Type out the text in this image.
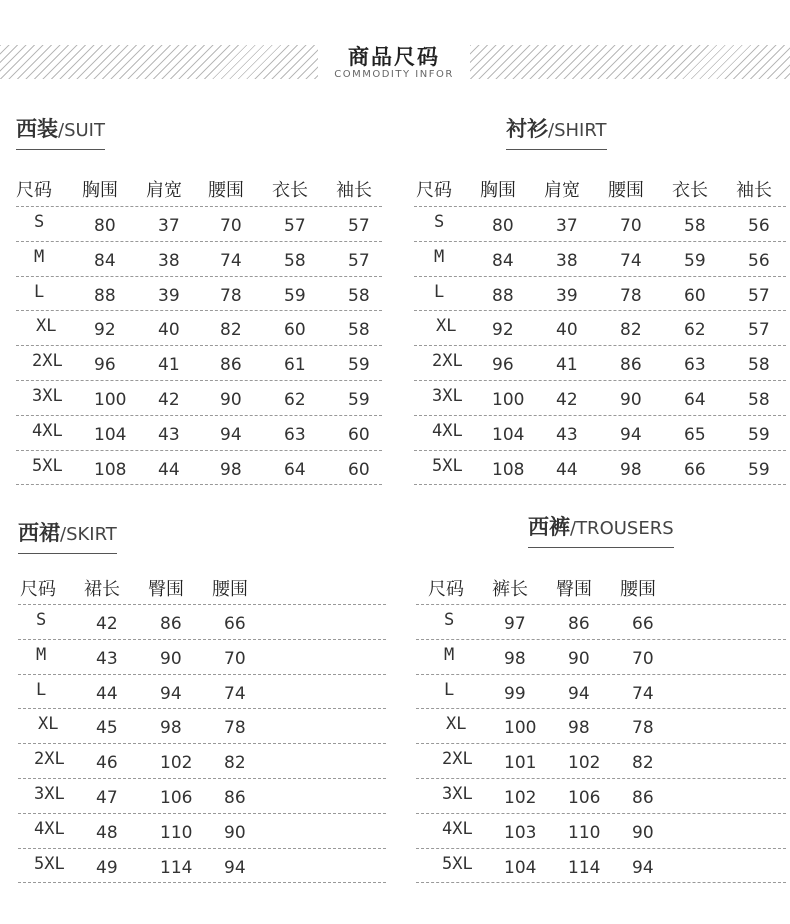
商品尺码
COMMODITY INFOR
西装/SUIT
尺码 胸围 肩宽 腰围 衣长 袖长
S	80 37 70 57 57
M	84 38 74 58 57
L	88 39 78 59 58
XL 92 40 82 60 58
2XL 96 41 86 61 59
3XL 100 42 90 62 59
4XL 104 43 94 63 60
5XL 108 44 98 64 60
衬衫/SHIRT
尺码 胸围 肩宽 腰围 衣长 袖长
S	80 37 70 58 56
M	84 38 74 59 56
L	88 39 78 60 57
XL 92 40 82 62 57
2XL 96 41 86 63 58
3XL 100 42 90 64 58
4XL 104 43 94 65 59
5XL 108 44 98 66 59
西裙/SKIRT
尺码 裙长 臀围 腰围
S	42 86 66
M	43 90 70
L	44 94 74
XL 45 98 78
2XL 46 102 82
3XL 47 106 86
4XL 48 110 90
5XL 49 114 94
西裤/TROUSERS
尺码 裤长 臀围 腰围
S	97 86 66
M	98 90 70
L	99 94 74
XL 100 98 78
2XL 101 102 82
3XL 102 106 86
4XL 103 110 90
5XL 104 114 94
